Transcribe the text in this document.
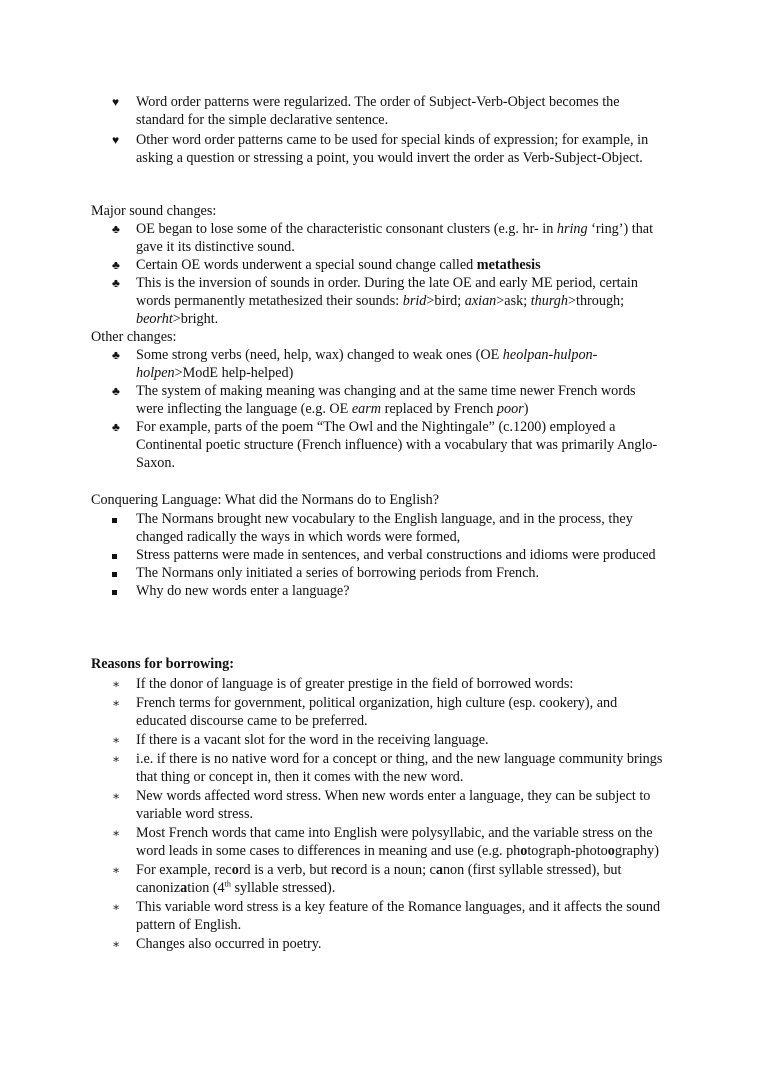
♥	Word order patterns were regularized. The order of Subject-Verb-Object becomes the standard for the simple declarative sentence.
♥	Other word order patterns came to be used for special kinds of expression; for example, in asking a question or stressing a point, you would invert the order as Verb-Subject-Object.
Major sound changes:
♣	OE began to lose some of the characteristic consonant clusters (e.g. hr- in hring ‘ring’) that gave it its distinctive sound.
♣	Certain OE words underwent a special sound change called metathesis
♣	This is the inversion of sounds in order. During the late OE and early ME period, certain words permanently metathesized their sounds: brid>bird; axian>ask; thurgh>through; beorht>bright.
Other changes:
♣	Some strong verbs (need, help, wax) changed to weak ones (OE heolpan-hulpon-holpen>ModE help-helped)
♣	The system of making meaning was changing and at the same time newer French words were inflecting the language (e.g. OE earm replaced by French poor)
♣	For example, parts of the poem “The Owl and the Nightingale” (c.1200) employed a Continental poetic structure (French influence) with a vocabulary that was primarily Anglo-Saxon.
Conquering Language: What did the Normans do to English?
The Normans brought new vocabulary to the English language, and in the process, they changed radically the ways in which words were formed,
Stress patterns were made in sentences, and verbal constructions and idioms were produced
The Normans only initiated a series of borrowing periods from French.
Why do new words enter a language?
Reasons for borrowing:
∗	If the donor of language is of greater prestige in the field of borrowed words:
∗	French terms for government, political organization, high culture (esp. cookery), and educated discourse came to be preferred.
∗	If there is a vacant slot for the word in the receiving language.
∗	i.e. if there is no native word for a concept or thing, and the new language community brings that thing or concept in, then it comes with the new word.
∗	New words affected word stress. When new words enter a language, they can be subject to variable word stress.
∗	Most French words that came into English were polysyllabic, and the variable stress on the word leads in some cases to differences in meaning and use (e.g. photograph-photoography)
∗	For example, record is a verb, but record is a noun; canon (first syllable stressed), but canonization (4th syllable stressed).
∗	This variable word stress is a key feature of the Romance languages, and it affects the sound pattern of English.
∗	Changes also occurred in poetry.
